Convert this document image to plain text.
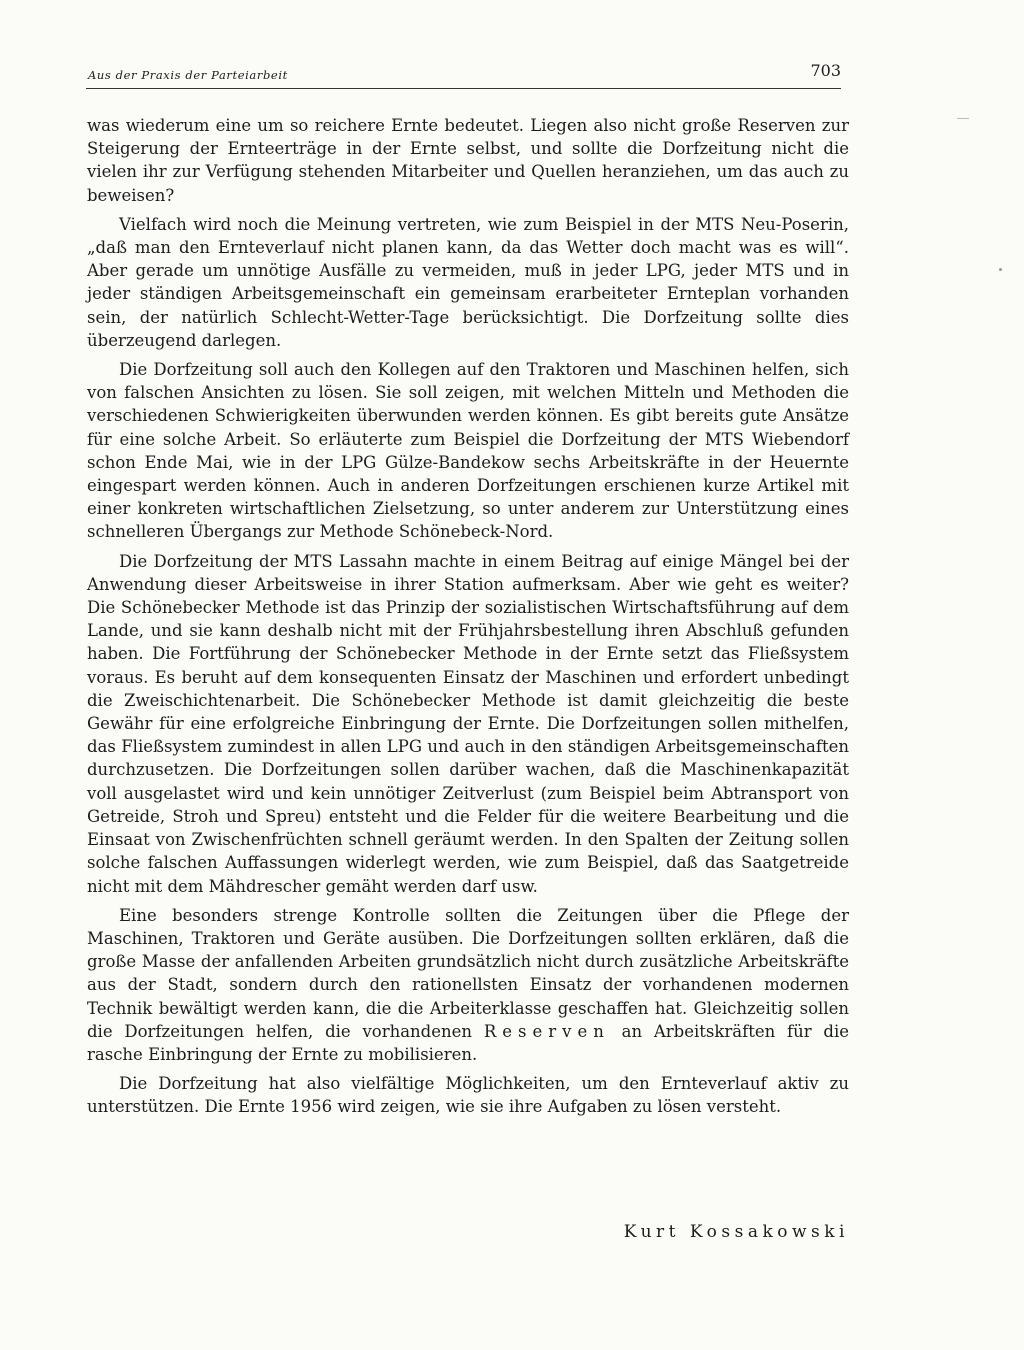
Aus der Praxis der Parteiarbeit	703

was wiederum eine um so reichere Ernte bedeutet. Liegen also nicht große Reserven zur Steigerung der Ernteerträge in der Ernte selbst, und sollte die Dorfzeitung nicht die vielen ihr zur Verfügung stehenden Mitarbeiter und Quellen heranziehen, um das auch zu beweisen?

Vielfach wird noch die Meinung vertreten, wie zum Beispiel in der MTS Neu-Poserin, „daß man den Ernteverlauf nicht planen kann, da das Wetter doch macht was es will“. Aber gerade um unnötige Ausfälle zu vermeiden, muß in jeder LPG, jeder MTS und in jeder ständigen Arbeitsgemeinschaft ein gemeinsam erarbeiteter Ernteplan vorhanden sein, der natürlich Schlecht-Wetter-Tage berücksichtigt. Die Dorfzeitung sollte dies überzeugend darlegen.

Die Dorfzeitung soll auch den Kollegen auf den Traktoren und Maschinen helfen, sich von falschen Ansichten zu lösen. Sie soll zeigen, mit welchen Mitteln und Methoden die verschiedenen Schwierigkeiten überwunden werden können. Es gibt bereits gute Ansätze für eine solche Arbeit. So erläuterte zum Beispiel die Dorfzeitung der MTS Wiebendorf schon Ende Mai, wie in der LPG Gülze-Bandekow sechs Arbeitskräfte in der Heuernte eingespart werden können. Auch in anderen Dorfzeitungen erschienen kurze Artikel mit einer konkreten wirtschaftlichen Zielsetzung, so unter anderem zur Unterstützung eines schnelleren Übergangs zur Methode Schönebeck-Nord.

Die Dorfzeitung der MTS Lassahn machte in einem Beitrag auf einige Mängel bei der Anwendung dieser Arbeitsweise in ihrer Station aufmerksam. Aber wie geht es weiter? Die Schönebecker Methode ist das Prinzip der sozialistischen Wirtschaftsführung auf dem Lande, und sie kann deshalb nicht mit der Frühjahrsbestellung ihren Abschluß gefunden haben. Die Fortführung der Schönebecker Methode in der Ernte setzt das Fließsystem voraus. Es beruht auf dem konsequenten Einsatz der Maschinen und erfordert unbedingt die Zweischichtenarbeit. Die Schönebecker Methode ist damit gleichzeitig die beste Gewähr für eine erfolgreiche Einbringung der Ernte. Die Dorfzeitungen sollen mithelfen, das Fließsystem zumindest in allen LPG und auch in den ständigen Arbeitsgemeinschaften durchzusetzen. Die Dorfzeitungen sollen darüber wachen, daß die Maschinenkapazität voll ausgelastet wird und kein unnötiger Zeitverlust (zum Beispiel beim Abtransport von Getreide, Stroh und Spreu) entsteht und die Felder für die weitere Bearbeitung und die Einsaat von Zwischenfrüchten schnell geräumt werden. In den Spalten der Zeitung sollen solche falschen Auffassungen widerlegt werden, wie zum Beispiel, daß das Saatgetreide nicht mit dem Mähdrescher gemäht werden darf usw.

Eine besonders strenge Kontrolle sollten die Zeitungen über die Pflege der Maschinen, Traktoren und Geräte ausüben. Die Dorfzeitungen sollten erklären, daß die große Masse der anfallenden Arbeiten grundsätzlich nicht durch zusätzliche Arbeitskräfte aus der Stadt, sondern durch den rationellsten Einsatz der vorhandenen modernen Technik bewältigt werden kann, die die Arbeiterklasse geschaffen hat. Gleichzeitig sollen die Dorfzeitungen helfen, die vorhandenen Reserven an Arbeitskräften für die rasche Einbringung der Ernte zu mobilisieren.

Die Dorfzeitung hat also vielfältige Möglichkeiten, um den Ernteverlauf aktiv zu unterstützen. Die Ernte 1956 wird zeigen, wie sie ihre Aufgaben zu lösen versteht.

Kurt Kossakowski
